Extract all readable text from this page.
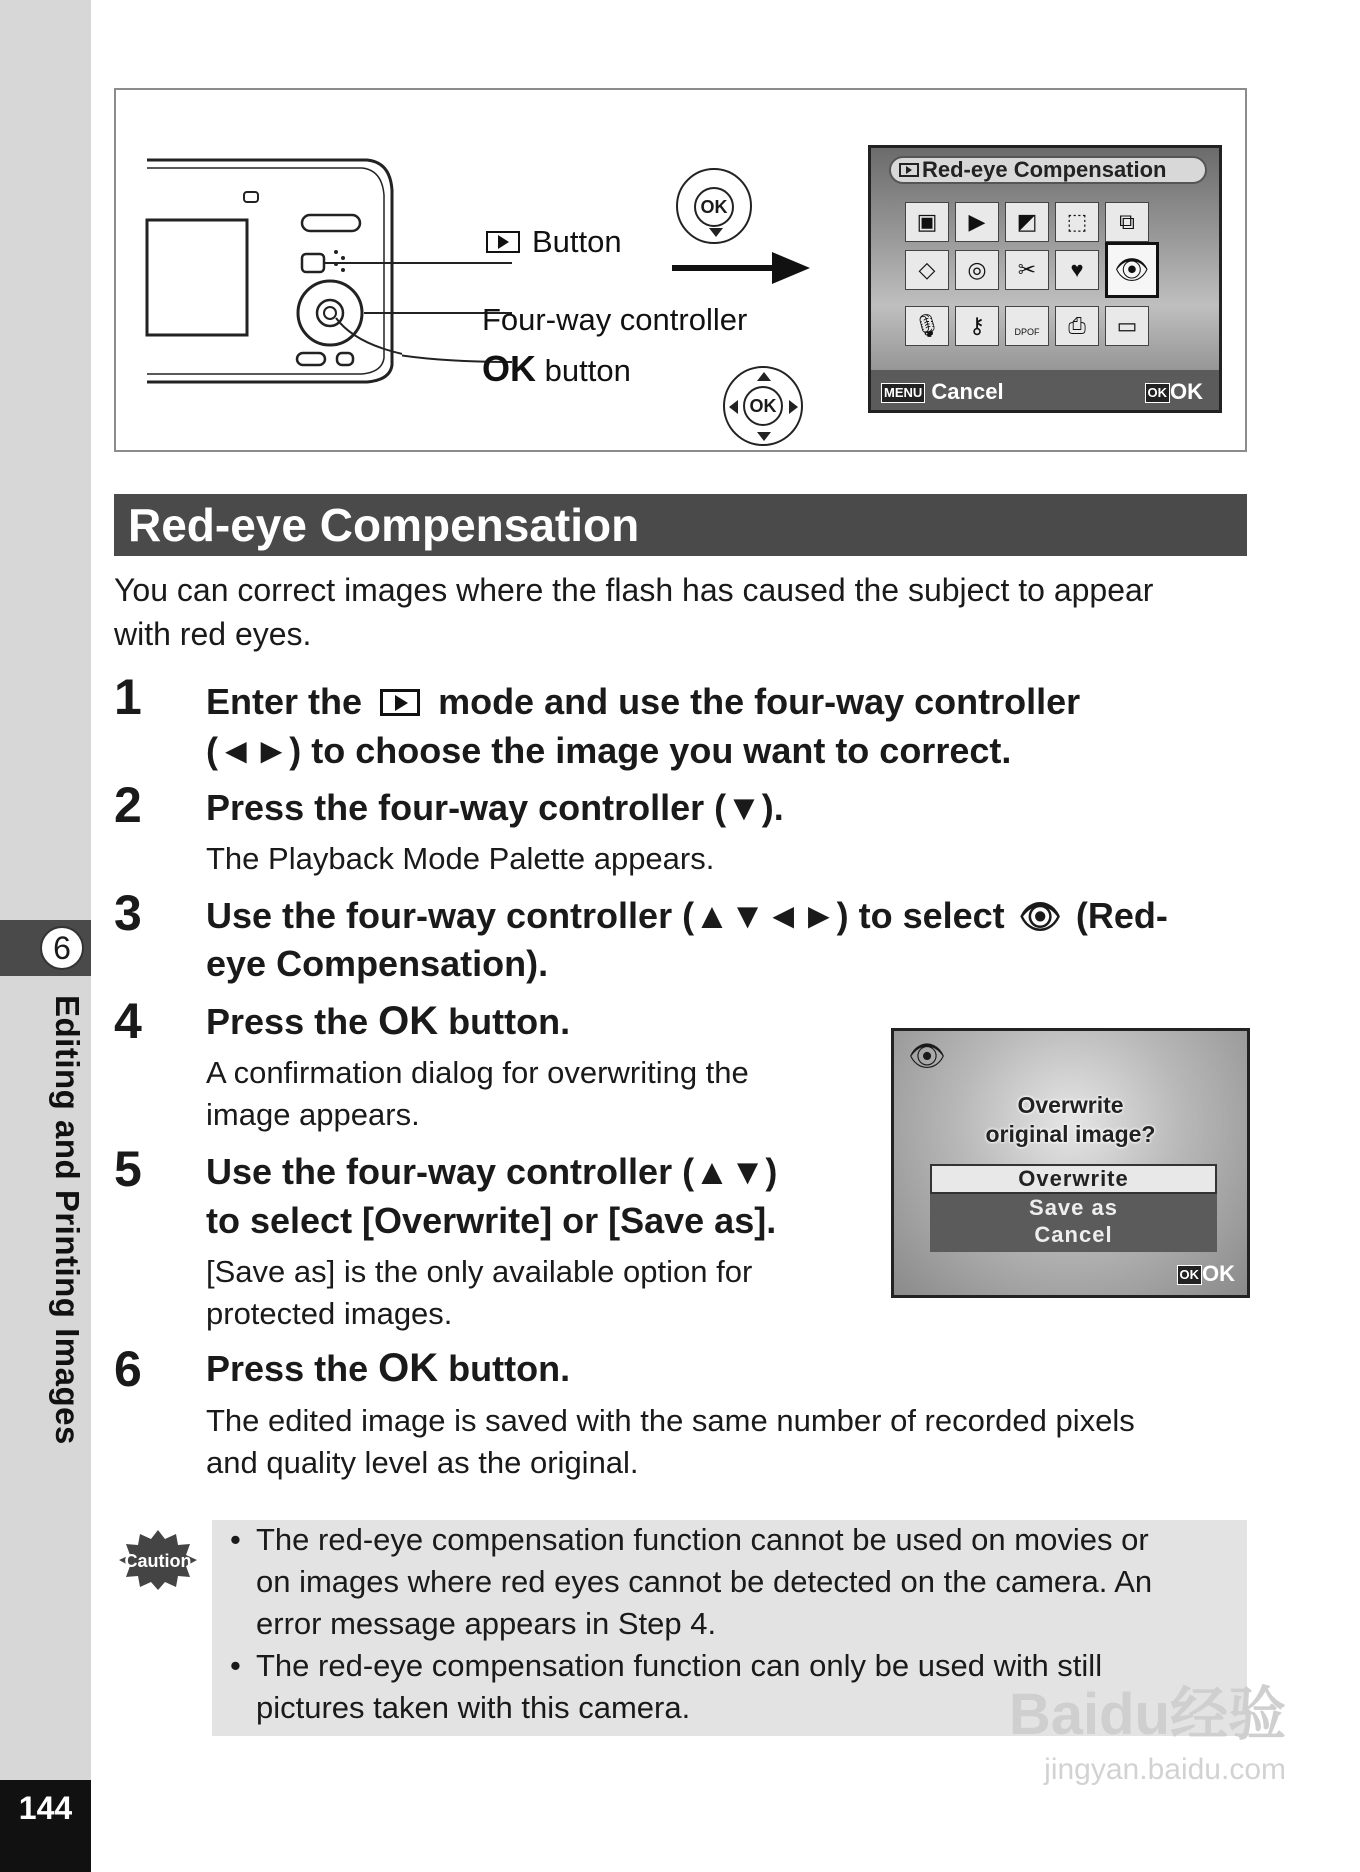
6
Editing and Printing Images
144
Button
Four-way controller
OK button
OK
OK
Red-eye Compensation
▣	▶	◩	⬚	⧉
◇	◎	✂	♥	👁
🎙	⚷	DPOF	⎙	▭
MENU Cancel	OK OK
Red-eye Compensation
You can correct images where the flash has caused the subject to appear with red eyes.
1 Enter the mode and use the four-way controller
(◄►) to choose the image you want to correct.
2 Press the four-way controller (▼).
The Playback Mode Palette appears.
3 Use the four-way controller (▲▼◄►) to select 👁 (Red-
eye Compensation).
4 Press the OK button.
A confirmation dialog for overwriting the
image appears.
5 Use the four-way controller (▲▼)
to select [Overwrite] or [Save as].
[Save as] is the only available option for
protected images.
👁
Overwrite
original image?
Overwrite
Save as
Cancel
OK OK
6 Press the OK button.
The edited image is saved with the same number of recorded pixels
and quality level as the original.
Caution
• The red-eye compensation function cannot be used on movies or
on images where red eyes cannot be detected on the camera. An
error message appears in Step 4.
• The red-eye compensation function can only be used with still
pictures taken with this camera.	Baidu经验
jingyan.baidu.com
